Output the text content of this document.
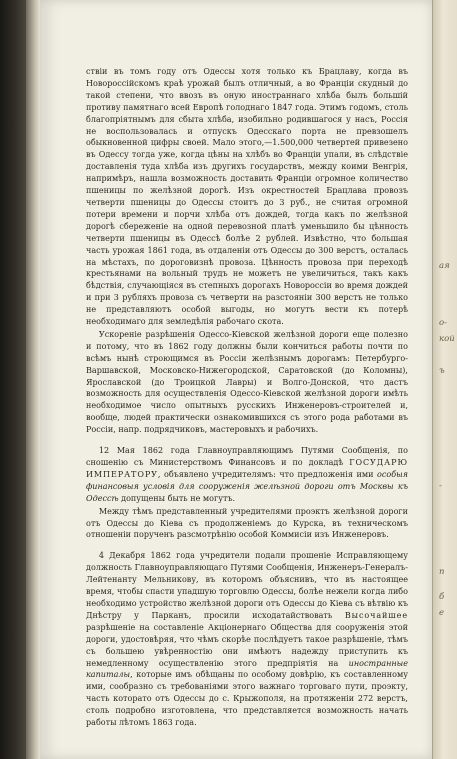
ая
о-
кой
ъ
-
п
б
е

ствiи въ томъ году отъ Одессы хотя только къ Брацлаву, когда въ Новороссiйскомъ краѣ урожай былъ отличный, а во Францiи скудный до такой степени, что ввозъ въ оную иностраннаго хлѣба былъ большiй противу памятнаго всей Европѣ голоднаго 1847 года. Этимъ годомъ, столь благопрiятнымъ для сбыта хлѣба, изобильно родившагося у насъ, Россiя не воспользовалась и отпускъ Одесскаго порта не превзошелъ обыкновенной цифры своей. Мало этого,—1.500,000 четвертей привезено въ Одессу тогда уже, когда цѣны на хлѣбъ во Францiи упали, въ слѣдствiе доставленiя туда хлѣба изъ другихъ государствъ, между коими Венгрiя, напримѣръ, нашла возможность доставить Францiи огромное количество пшеницы по желѣзной дорогѣ. Изъ окрестностей Брацлава провозъ четверти пшеницы до Одессы стоитъ до 3 руб., не считая огромной потери времени и порчи хлѣба отъ дождей, тогда какъ по желѣзной дорогѣ сбереженiе на одной перевозной платѣ уменьшило бы цѣнность четверти пшеницы въ Одессѣ болѣе 2 рублей. Извѣстно, что большая часть урожая 1861 года, въ отдаленiи отъ Одессы до 300 верстъ, осталась на мѣстахъ, по дороговизнѣ провоза. Цѣнность провоза при переходѣ крестьянами на вольный трудъ не можетъ не увеличиться, такъ какъ бѣдствiя, случающiяся въ степныхъ дорогахъ Новороссiи во время дождей и при 3 рубляхъ провоза съ четверти на разстоянiи 300 верстъ не только не представляютъ особой выгоды, но могутъ вести къ потерѣ необходимаго для земледѣлiя рабочаго скота.

Ускоренiе разрѣшенiя Одессо-Кiевской желѣзной дороги еще полезно и потому, что въ 1862 году должны были кончиться работы почти по всѣмъ нынѣ строющимся въ Россiи желѣзнымъ дорогамъ: Петербурго-Варшавской, Московско-Нижегородской, Саратовской (до Коломны), Ярославской (до Троицкой Лавры) и Волго-Донской, что дастъ возможность для осуществленiя Одессо-Кiевской желѣзной дороги имѣть необходимое число опытныхъ русскихъ Инженеровъ-строителей и, вообще, людей практически ознакомившихся съ этого рода работами въ Россiи, напр. подрядчиковъ, мастеровыхъ и рабочихъ.

12 Мая 1862 года Главноуправляющимъ Путями Сообщенiя, по сношенiю съ Министерствомъ Финансовъ и по докладѣ ГОСУДАРЮ ИМПЕРАТОРУ, объявлено учредителямъ: что предложенiя ими особыя финансовыя условiя для сооруженiя желѣзной дороги отъ Москвы къ Одессѣ допущены быть не могутъ.

Между тѣмъ представленный учредителями проэктъ желѣзной дороги отъ Одессы до Кiева съ продолженiемъ до Курска, въ техническомъ отношенiи порученъ разсмотрѣнiю особой Коммисiи изъ Инженеровъ.

4 Декабря 1862 года учредители подали прошенiе Исправляющему должность Главноуправляющаго Путями Сообщенiя, Инженеръ-Генералъ-Лейтенанту Мельникову, въ которомъ объяснивъ, что въ настоящее время, чтобы спасти упадшую торговлю Одессы, болѣе нежели когда либо необходимо устройство желѣзной дороги отъ Одессы до Кiева съ вѣтвiю къ Днѣстру у Парканъ, просили исходатайствовать Высочайшее разрѣшенiе на составленiе Акцiонернаго Общества для сооруженiя этой дороги, удостовѣряя, что чѣмъ скорѣе послѣдуетъ такое разрѣшенiе, тѣмъ съ большею увѣренностiю они имѣютъ надежду приступить къ немедленному осуществленiю этого предпрiятiя на иностранные капиталы, которые имъ обѣщаны по особому довѣрiю, къ составленному ими, сообразно съ требованiями этого важнаго торговаго пути, проэкту, часть которато отъ Одессы до с. Крыжополя, на протяженiи 272 верстъ, столь подробно изготовлена, что представляется возможность начать работы лѣтомъ 1863 года.
